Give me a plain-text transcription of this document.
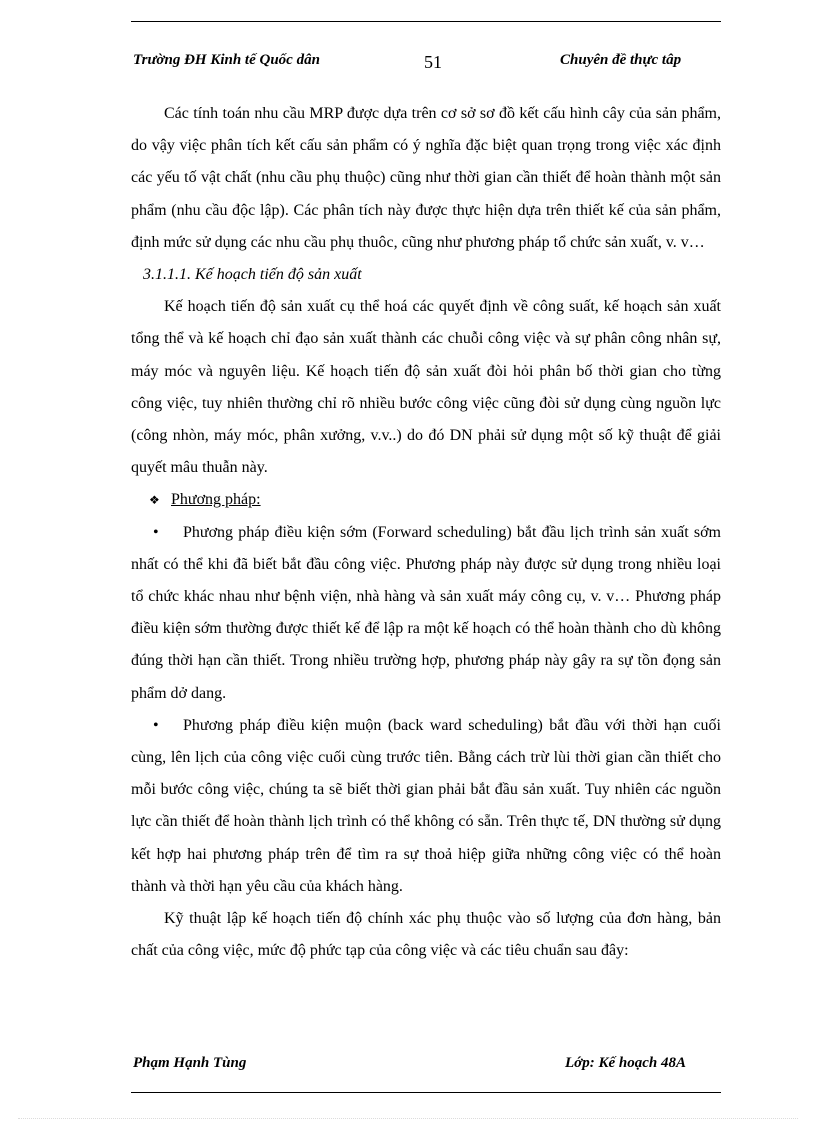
Trường ĐH Kinh tế Quốc dân	51	Chuyên đề thực tâp

Các tính toán nhu cầu MRP được dựa trên cơ sở sơ đồ kết cấu hình cây của sản phẩm, do vậy việc phân tích kết cấu sản phẩm có ý nghĩa đặc biệt quan trọng trong việc xác định các yếu tố vật chất (nhu cầu phụ thuộc) cũng như thời gian cần thiết để hoàn thành một sản phẩm (nhu cầu độc lập). Các phân tích này được thực hiện dựa trên thiết kế của sản phẩm, định mức sử dụng các nhu cầu phụ thuôc, cũng như phương pháp tổ chức sản xuất, v. v…

3.1.1.1. Kế hoạch tiến độ sản xuất

Kế hoạch tiến độ sản xuất cụ thể hoá các quyết định về công suất, kế hoạch sản xuất tổng thể và kế hoạch chỉ đạo sản xuất thành các chuỗi công việc và sự phân công nhân sự, máy móc và nguyên liệu. Kế hoạch tiến độ sản xuất đòi hỏi phân bố thời gian cho từng công việc, tuy nhiên thường chỉ rõ nhiều bước công việc cũng đòi sử dụng cùng nguồn lực (công nhòn, máy móc, phân xưởng, v.v..) do đó DN phải sử dụng một số kỹ thuật để giải quyết mâu thuẫn này.

❖ Phương pháp:

• Phương pháp điều kiện sớm (Forward scheduling) bắt đầu lịch trình sản xuất sớm nhất có thể khi đã biết bắt đầu công việc. Phương pháp này được sử dụng trong nhiều loại tổ chức khác nhau như bệnh viện, nhà hàng và sản xuất máy công cụ, v. v… Phương pháp điều kiện sớm thường được thiết kế để lập ra một kế hoạch có thể hoàn thành cho dù không đúng thời hạn cần thiết. Trong nhiều trường hợp, phương pháp này gây ra sự tồn đọng sản phẩm dở dang.

• Phương pháp điều kiện muộn (back ward scheduling) bắt đầu với thời hạn cuối cùng, lên lịch của công việc cuối cùng trước tiên. Bằng cách trừ lùi thời gian cần thiết cho mỗi bước công việc, chúng ta sẽ biết thời gian phải bắt đầu sản xuất. Tuy nhiên các nguồn lực cần thiết để hoàn thành lịch trình có thể không có sẵn. Trên thực tế, DN thường sử dụng kết hợp hai phương pháp trên để tìm ra sự thoả hiệp giữa những công việc có thể hoàn thành và thời hạn yêu cầu của khách hàng.

Kỹ thuật lập kế hoạch tiến độ chính xác phụ thuộc vào số lượng của đơn hàng, bản chất của công việc, mức độ phức tạp của công việc và các tiêu chuẩn sau đây:

Phạm Hạnh Tùng	Lớp: Kế hoạch 48A
